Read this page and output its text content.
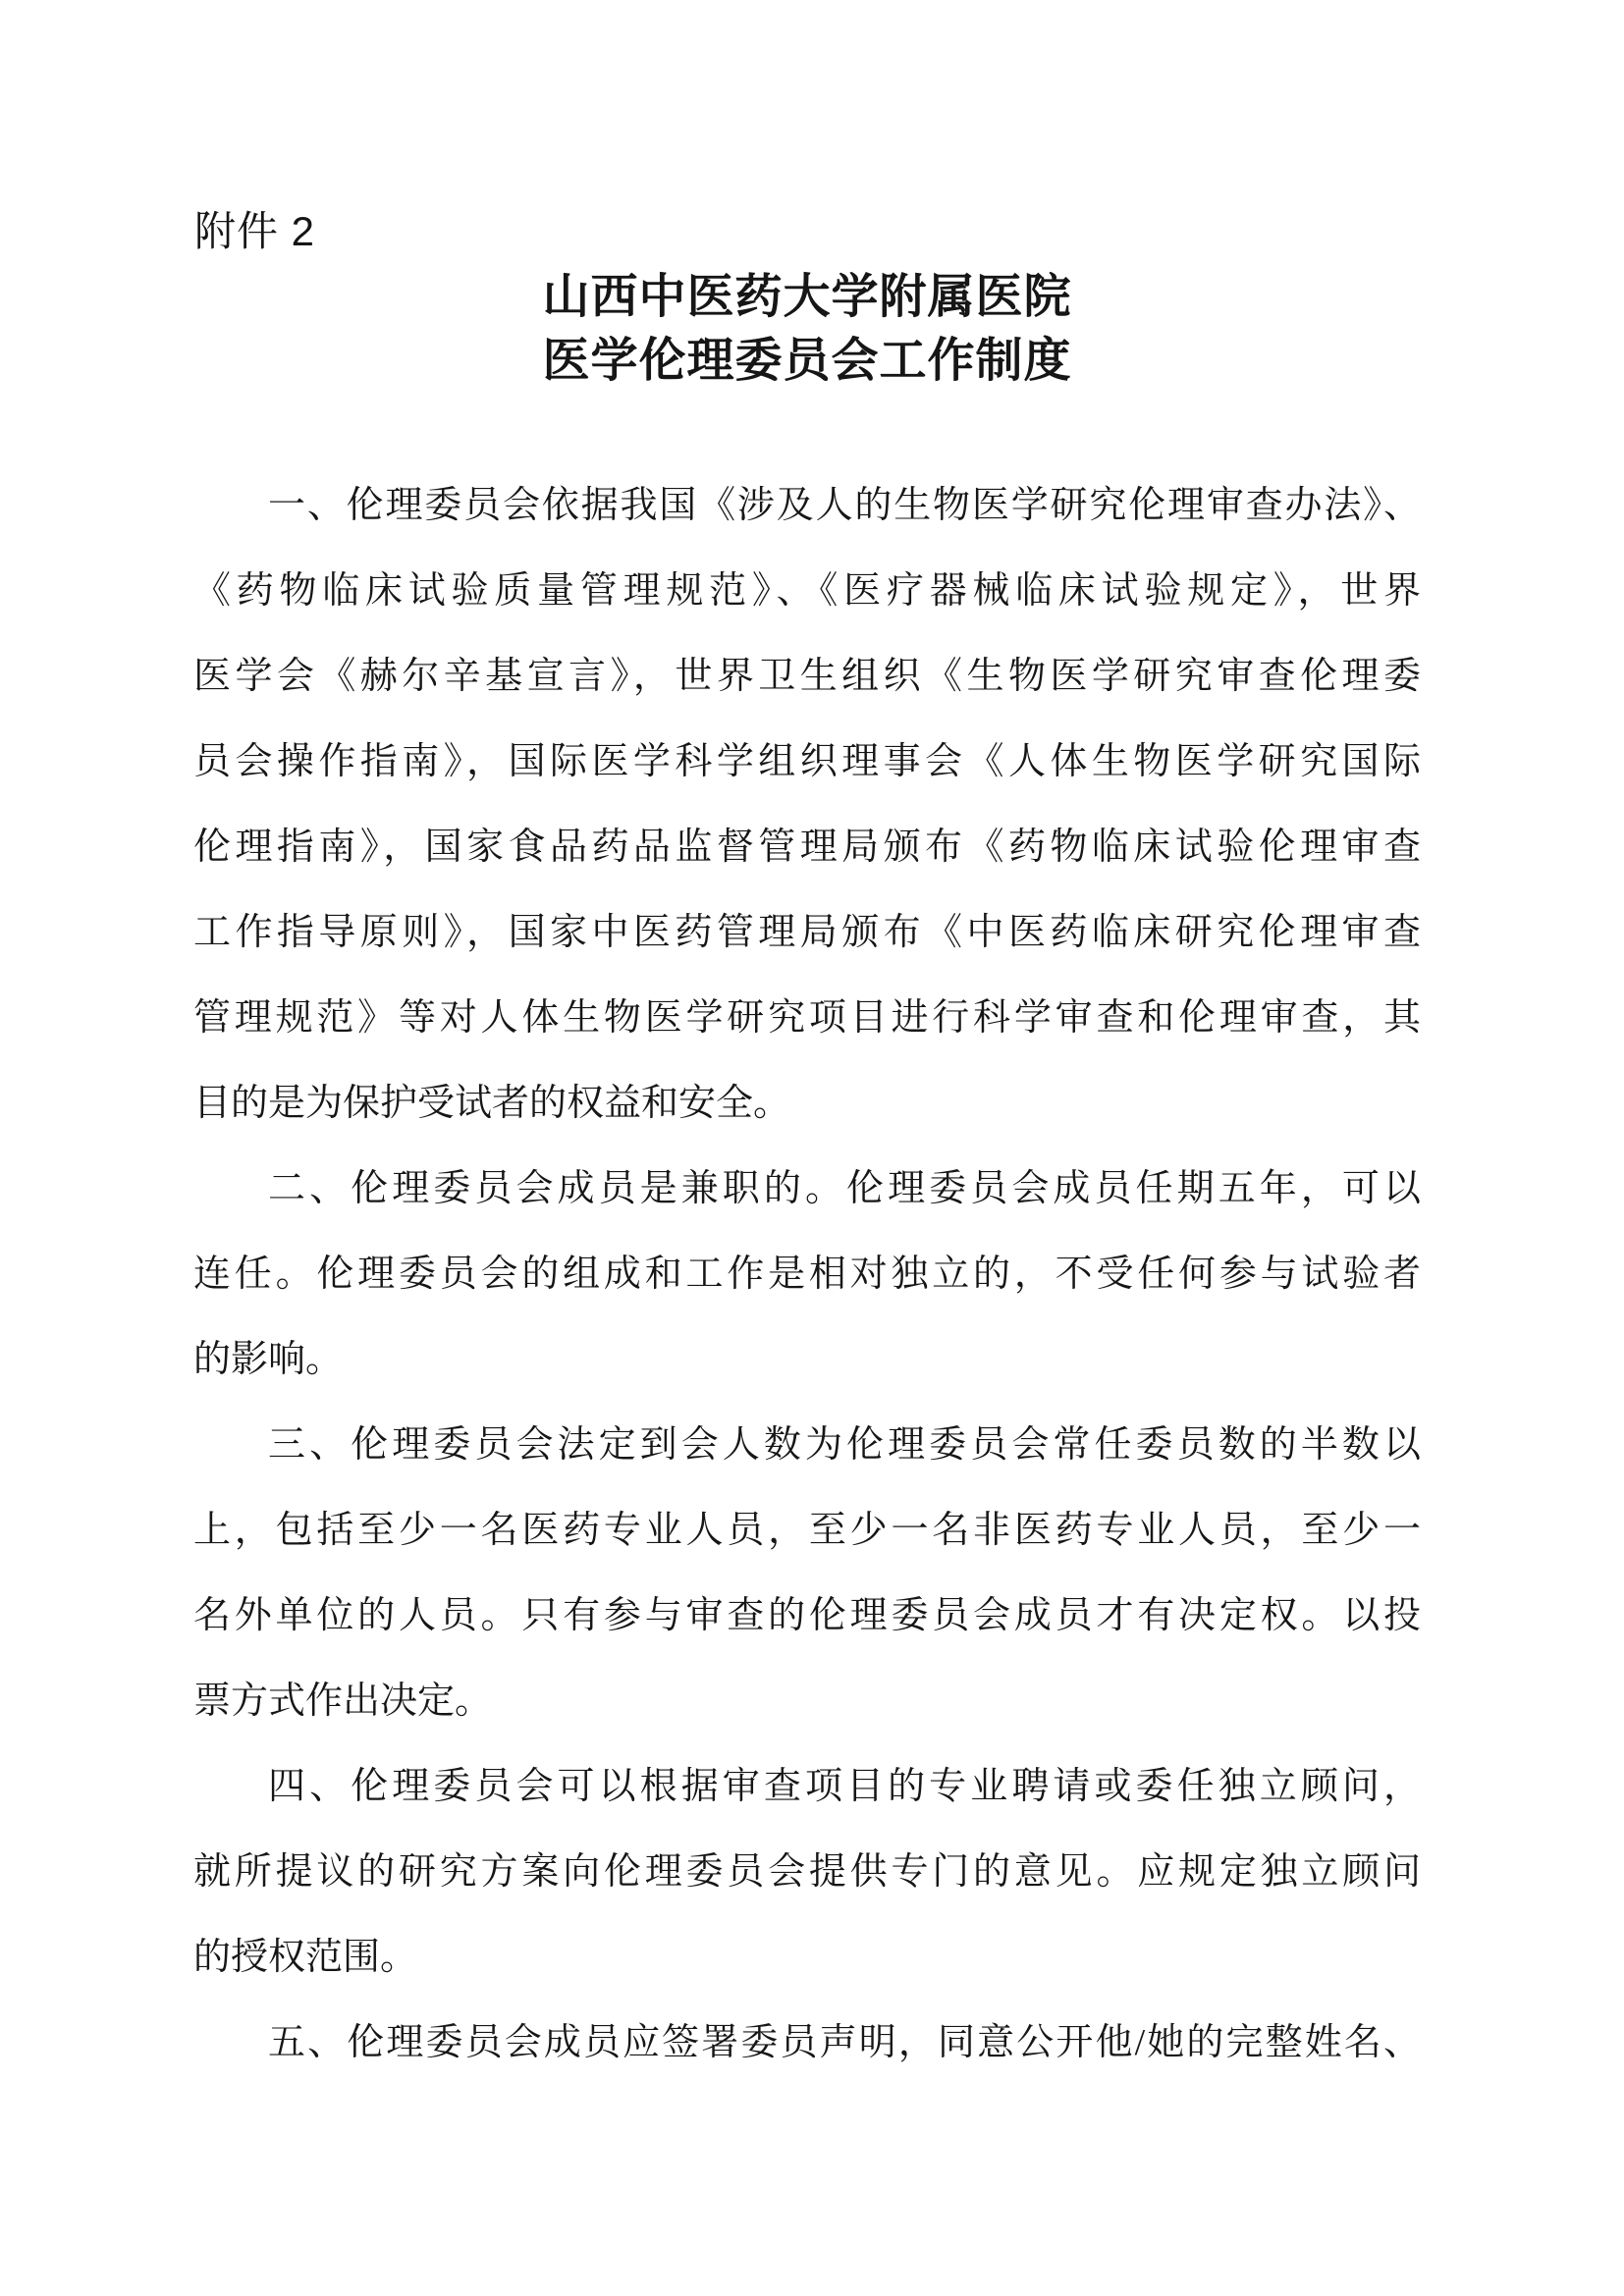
附件 2
山西中医药大学附属医院
医学伦理委员会工作制度
一、伦理委员会依据我国《涉及人的生物医学研究伦理审查办法》、
《药物临床试验质量管理规范》、《医疗器械临床试验规定》，世界
医学会《赫尔辛基宣言》，世界卫生组织《生物医学研究审查伦理委
员会操作指南》，国际医学科学组织理事会《人体生物医学研究国际
伦理指南》，国家食品药品监督管理局颁布《药物临床试验伦理审查
工作指导原则》，国家中医药管理局颁布《中医药临床研究伦理审查
管理规范》等对人体生物医学研究项目进行科学审查和伦理审查，其
目的是为保护受试者的权益和安全。
二、伦理委员会成员是兼职的。伦理委员会成员任期五年，可以
连任。伦理委员会的组成和工作是相对独立的，不受任何参与试验者
的影响。
三、伦理委员会法定到会人数为伦理委员会常任委员数的半数以
上，包括至少一名医药专业人员，至少一名非医药专业人员，至少一
名外单位的人员。只有参与审查的伦理委员会成员才有决定权。以投
票方式作出决定。
四、伦理委员会可以根据审查项目的专业聘请或委任独立顾问，
就所提议的研究方案向伦理委员会提供专门的意见。应规定独立顾问
的授权范围。
五、伦理委员会成员应签署委员声明，同意公开他/她的完整姓名、
